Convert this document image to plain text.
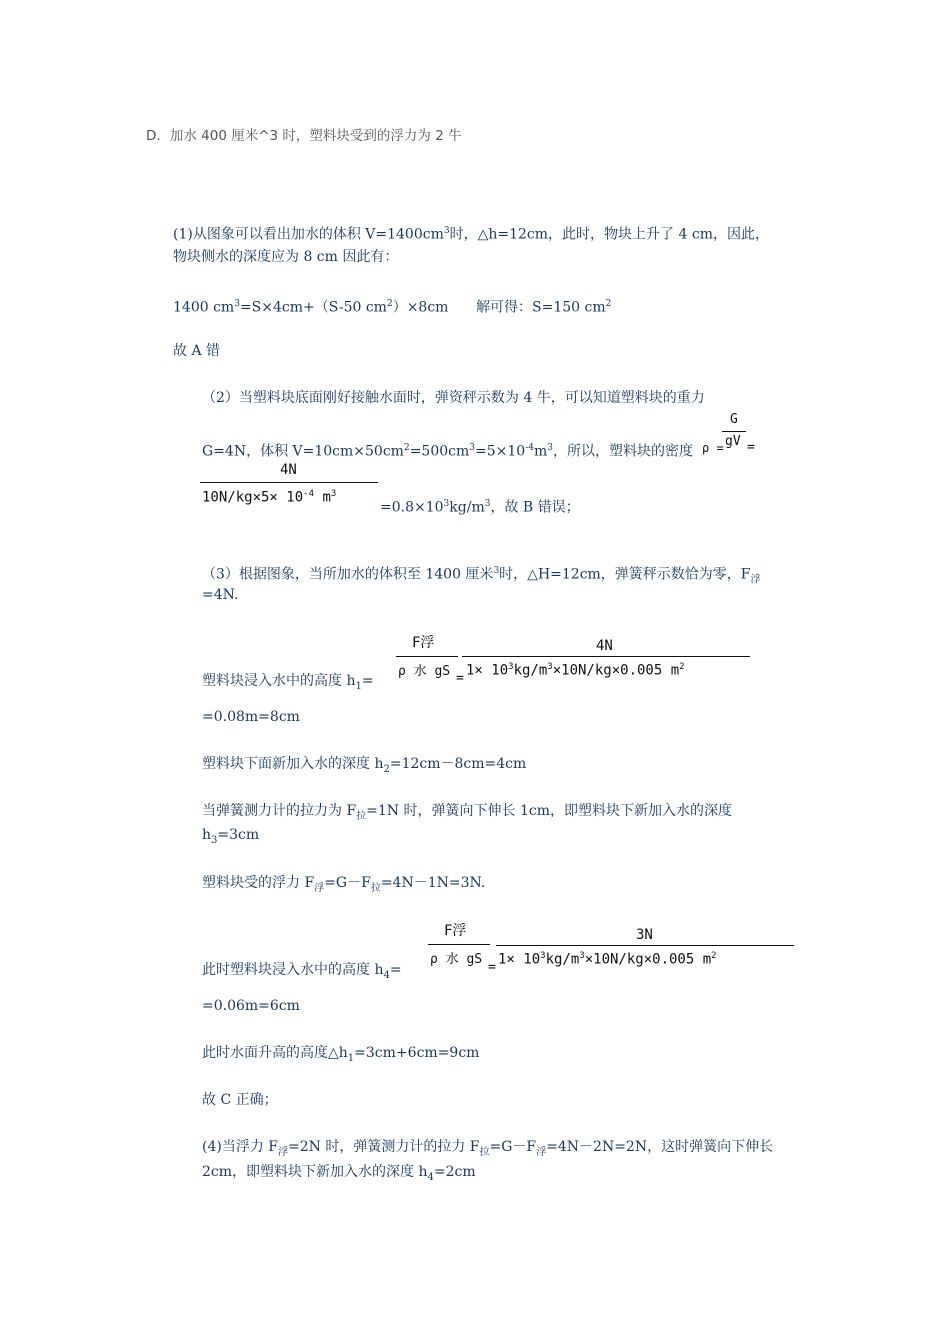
D．加水 400 厘米^3 时，塑料块受到的浮力为 2 牛
(1)从图象可以看出加水的体积 $V=1400cm^3$时，△h=12cm，此时，物块上升了 4 cm，因此，
物块侧水的深度应为 8 cm 因此有：
1400 $cm^3=S\times 4cm+(S-50$ $cm^2)\times 8cm$ 解可得：S=150 $cm^2$
故 A 错
（2）当塑料块底面刚好接触水面时，弹资秤示数为 4 牛，可以知道塑料块的重力
G=4N，体积 $V=10cm\times 50cm^2=500cm^3=5\times 10^{-4}m^3$，所以，塑料块的密度 ρ =
G
gV =
4N
$10N/kg\times 5\times 10^{-4}$ $m^3$
$=0.8\times 10^3kg/m^3$，故 B 错误；
（3）根据图象，当所加水的体积至 1400 厘米$^3$时，△H=12cm，弹簧秤示数恰为零，$F_浮$
=4N.
塑料块浸入水中的高度 $h_1=$
F浮
ρ 水 gS =
4N
$1\times 10^3kg/m^3\times 10N/kg\times 0.005$ $m^2$
=0.08m=8cm
塑料块下面新加入水的深度 $h_2=12cm-8cm=4cm$
当弹簧测力计的拉力为 $F_拉=1N$ 时，弹簧向下伸长 1cm，即塑料块下新加入水的深度
$h_3=3cm$
塑料块受的浮力 $F_浮=G-F_拉=4N-1N=3N$.
此时塑料块浸入水中的高度 $h_4=$
F浮
ρ 水 gS
=
3N
$1\times 10^3kg/m^3\times 10N/kg\times 0.005$ $m^2$
=0.06m=6cm
此时水面升高的高度$\triangle h_1=3cm+6cm=9cm$
故 C 正确；
(4)当浮力 $F_浮=2N$ 时，弹簧测力计的拉力 $F_拉=G-F_浮=4N-2N=2N$，这时弹簧向下伸长
2cm，即塑料块下新加入水的深度 $h_4=2cm$
